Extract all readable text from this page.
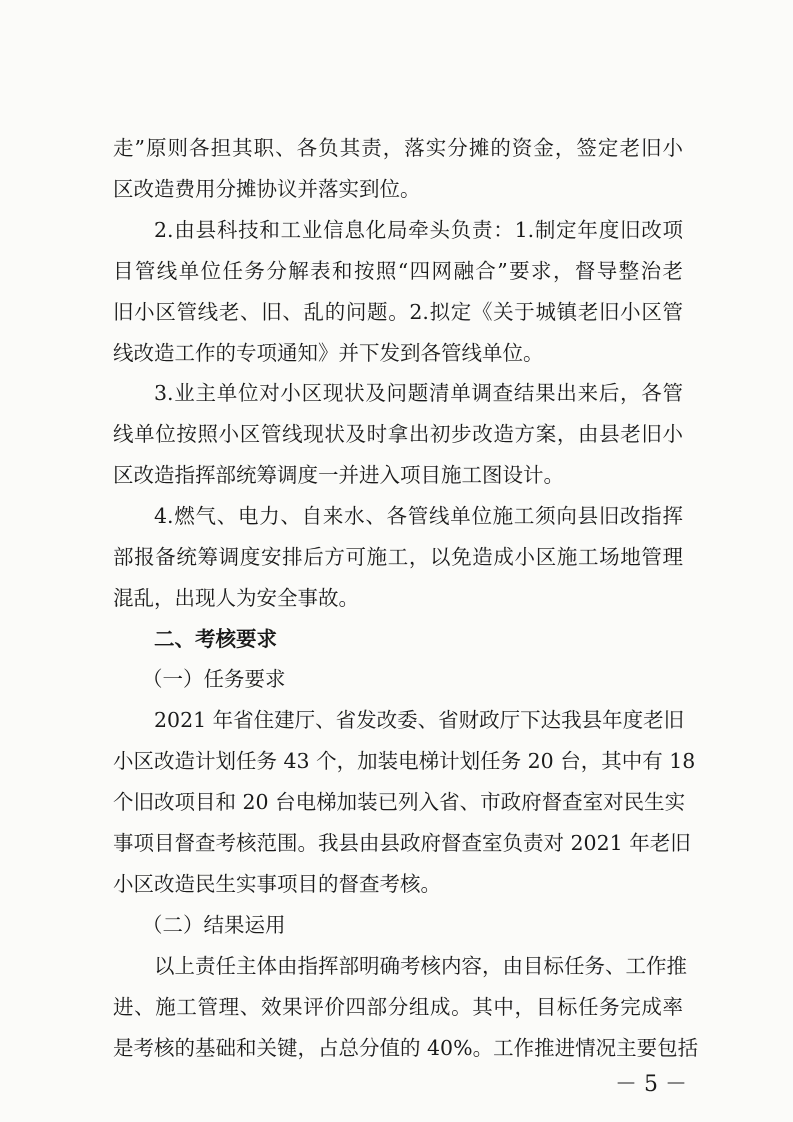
走”原则各担其职、各负其责，落实分摊的资金，签定老旧小
区改造费用分摊协议并落实到位。
2.由县科技和工业信息化局牵头负责：1.制定年度旧改项
目管线单位任务分解表和按照“四网融合”要求，督导整治老
旧小区管线老、旧、乱的问题。2.拟定《关于城镇老旧小区管
线改造工作的专项通知》并下发到各管线单位。
3.业主单位对小区现状及问题清单调查结果出来后，各管
线单位按照小区管线现状及时拿出初步改造方案，由县老旧小
区改造指挥部统筹调度一并进入项目施工图设计。
4.燃气、电力、自来水、各管线单位施工须向县旧改指挥
部报备统筹调度安排后方可施工，以免造成小区施工场地管理
混乱，出现人为安全事故。
二、考核要求
（一）任务要求
2021 年省住建厅、省发改委、省财政厅下达我县年度老旧
小区改造计划任务 43 个，加装电梯计划任务 20 台，其中有 18
个旧改项目和 20 台电梯加装已列入省、市政府督查室对民生实
事项目督查考核范围。我县由县政府督查室负责对 2021 年老旧
小区改造民生实事项目的督查考核。
（二）结果运用
以上责任主体由指挥部明确考核内容，由目标任务、工作推
进、施工管理、效果评价四部分组成。其中，目标任务完成率
是考核的基础和关键，占总分值的 40%。工作推进情况主要包括
－ 5 －
